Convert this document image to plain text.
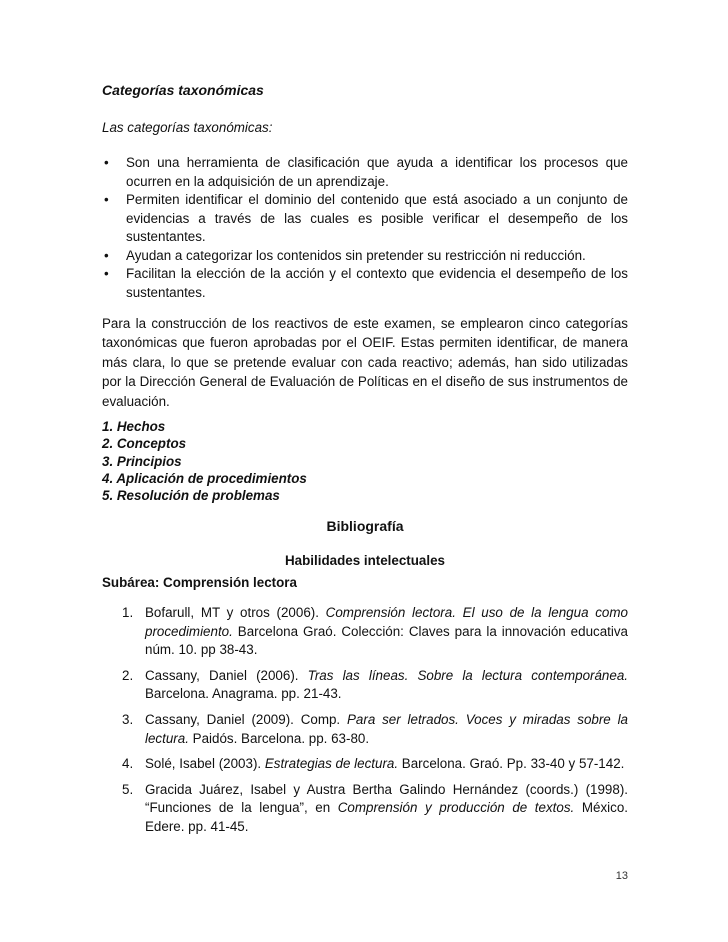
Categorías taxonómicas
Las categorías taxonómicas:
• Son una herramienta de clasificación que ayuda a identificar los procesos que ocurren en la adquisición de un aprendizaje.
• Permiten identificar el dominio del contenido que está asociado a un conjunto de evidencias a través de las cuales es posible verificar el desempeño de los sustentantes.
• Ayudan a categorizar los contenidos sin pretender su restricción ni reducción.
• Facilitan la elección de la acción y el contexto que evidencia el desempeño de los sustentantes.

Para la construcción de los reactivos de este examen, se emplearon cinco categorías taxonómicas que fueron aprobadas por el OEIF. Estas permiten identificar, de manera más clara, lo que se pretende evaluar con cada reactivo; además, han sido utilizadas por la Dirección General de Evaluación de Políticas en el diseño de sus instrumentos de evaluación.

1. Hechos
2. Conceptos
3. Principios
4. Aplicación de procedimientos
5. Resolución de problemas
Bibliografía
Habilidades intelectuales
Subárea: Comprensión lectora
1. Bofarull, MT y otros (2006). Comprensión lectora. El uso de la lengua como procedimiento. Barcelona Graó. Colección: Claves para la innovación educativa núm. 10. pp 38-43.
2. Cassany, Daniel (2006). Tras las líneas. Sobre la lectura contemporánea. Barcelona. Anagrama. pp. 21-43.
3. Cassany, Daniel (2009). Comp. Para ser letrados. Voces y miradas sobre la lectura. Paidós. Barcelona. pp. 63-80.
4. Solé, Isabel (2003). Estrategias de lectura. Barcelona. Graó. Pp. 33-40 y 57-142.
5. Gracida Juárez, Isabel y Austra Bertha Galindo Hernández (coords.) (1998). “Funciones de la lengua”, en Comprensión y producción de textos. México. Edere. pp. 41-45.
13
